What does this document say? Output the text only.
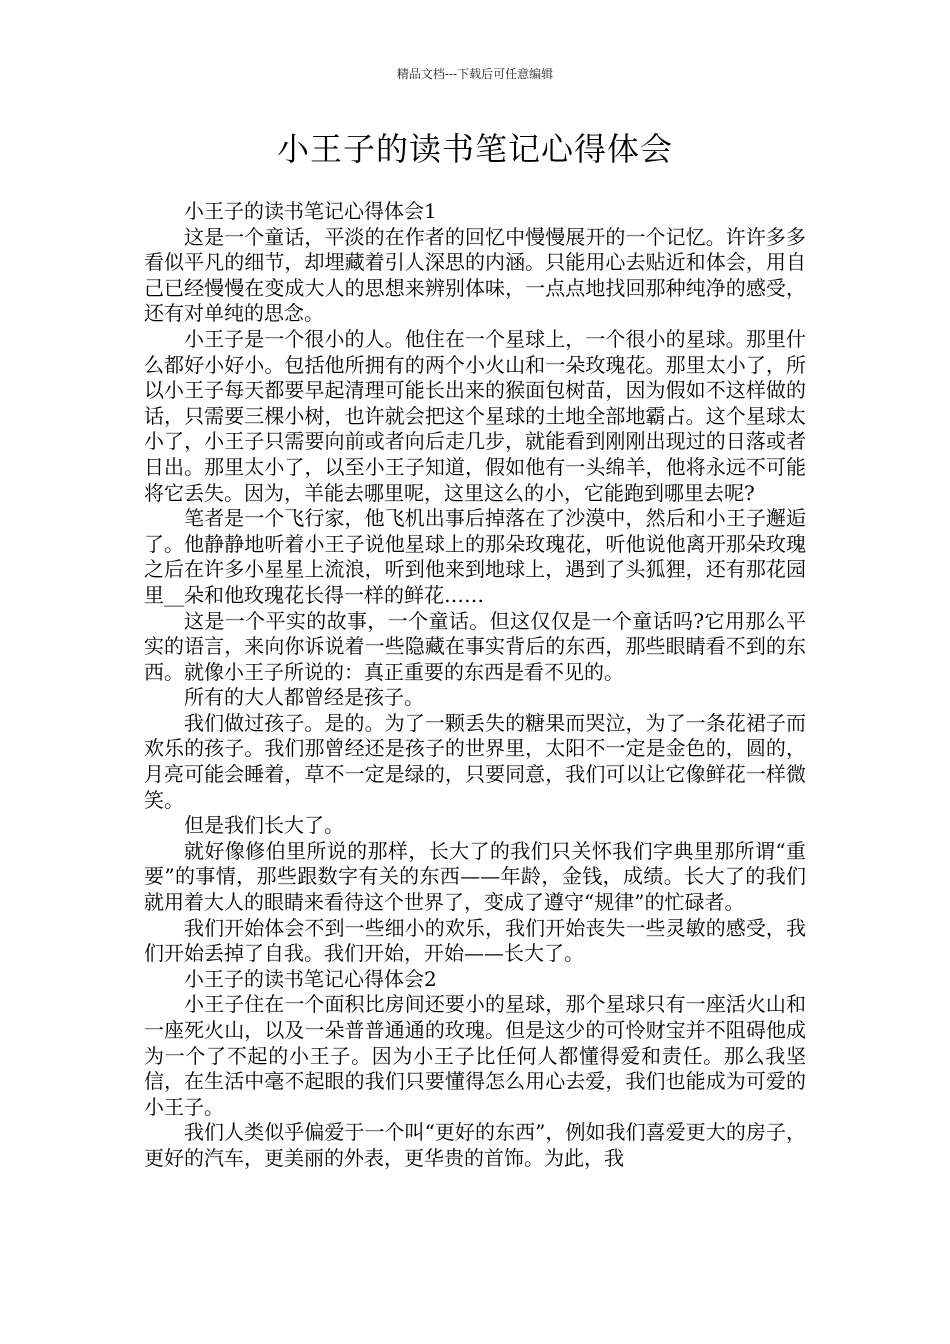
精品文档---下载后可任意编辑
小王子的读书笔记心得体会

小王子的读书笔记心得体会1

这是一个童话，平淡的在作者的回忆中慢慢展开的一个记忆。许许多多看似平凡的细节，却埋藏着引人深思的内涵。只能用心去贴近和体会，用自己已经慢慢在变成大人的思想来辨别体味，一点点地找回那种纯净的感受，还有对单纯的思念。

小王子是一个很小的人。他住在一个星球上，一个很小的星球。那里什么都好小好小。包括他所拥有的两个小火山和一朵玫瑰花。那里太小了，所以小王子每天都要早起清理可能长出来的猴面包树苗，因为假如不这样做的话，只需要三棵小树，也许就会把这个星球的土地全部地霸占。这个星球太小了，小王子只需要向前或者向后走几步，就能看到刚刚出现过的日落或者日出。那里太小了，以至小王子知道，假如他有一头绵羊，他将永远不可能将它丢失。因为，羊能去哪里呢，这里这么的小，它能跑到哪里去呢?

笔者是一个飞行家，他飞机出事后掉落在了沙漠中，然后和小王子邂逅了。他静静地听着小王子说他星球上的那朵玫瑰花，听他说他离开那朵玫瑰之后在许多小星星上流浪，听到他来到地球上，遇到了头狐狸，还有那花园里__朵和他玫瑰花长得一样的鲜花……

这是一个平实的故事，一个童话。但这仅仅是一个童话吗?它用那么平实的语言，来向你诉说着一些隐藏在事实背后的东西，那些眼睛看不到的东西。就像小王子所说的：真正重要的东西是看不见的。

所有的大人都曾经是孩子。

我们做过孩子。是的。为了一颗丢失的糖果而哭泣，为了一条花裙子而欢乐的孩子。我们那曾经还是孩子的世界里，太阳不一定是金色的，圆的，月亮可能会睡着，草不一定是绿的，只要同意，我们可以让它像鲜花一样微笑。

但是我们长大了。

就好像修伯里所说的那样，长大了的我们只关怀我们字典里那所谓“重要”的事情，那些跟数字有关的东西——年龄，金钱，成绩。长大了的我们就用着大人的眼睛来看待这个世界了，变成了遵守“规律”的忙碌者。

我们开始体会不到一些细小的欢乐，我们开始丧失一些灵敏的感受，我们开始丢掉了自我。我们开始，开始——长大了。

小王子的读书笔记心得体会2

小王子住在一个面积比房间还要小的星球，那个星球只有一座活火山和一座死火山，以及一朵普普通通的玫瑰。但是这少的可怜财宝并不阻碍他成为一个了不起的小王子。因为小王子比任何人都懂得爱和责任。那么我坚信，在生活中毫不起眼的我们只要懂得怎么用心去爱，我们也能成为可爱的小王子。

我们人类似乎偏爱于一个叫“更好的东西”，例如我们喜爱更大的房子，更好的汽车，更美丽的外表，更华贵的首饰。为此，我
